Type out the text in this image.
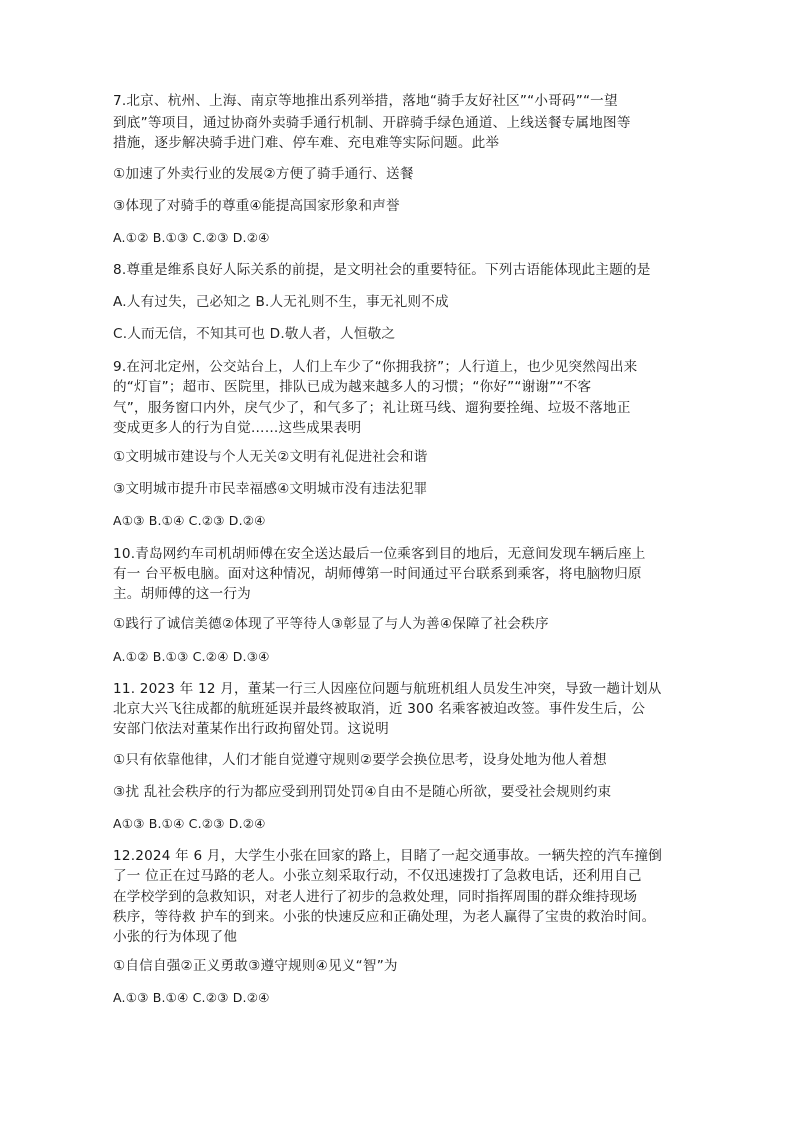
7.北京、杭州、上海、南京等地推出系列举措，落地“骑手友好社区”“小哥码”“一望
到底”等项目，通过协商外卖骑手通行机制、开辟骑手绿色通道、上线送餐专属地图等
措施，逐步解决骑手进门难、停车难、充电难等实际问题。此举
①加速了外卖行业的发展②方便了骑手通行、送餐
③体现了对骑手的尊重④能提高国家形象和声誉
A.①② B.①③ C.②③ D.②④
8.尊重是维系良好人际关系的前提，是文明社会的重要特征。下列古语能体现此主题的是
A.人有过失，己必知之 B.人无礼则不生，事无礼则不成
C.人而无信，不知其可也 D.敬人者，人恒敬之
9.在河北定州，公交站台上，人们上车少了“你拥我挤”；人行道上，也少见突然闯出来
的“灯盲”；超市、医院里，排队已成为越来越多人的习惯；“你好”“谢谢”“不客
气”，服务窗口内外，戾气少了，和气多了；礼让斑马线、遛狗要拴绳、垃圾不落地正
变成更多人的行为自觉……这些成果表明
①文明城市建设与个人无关②文明有礼促进社会和谐
③文明城市提升市民幸福感④文明城市没有违法犯罪
A①③ B.①④ C.②③ D.②④
10.青岛网约车司机胡师傅在安全送达最后一位乘客到目的地后，无意间发现车辆后座上
有一 台平板电脑。面对这种情况，胡师傅第一时间通过平台联系到乘客，将电脑物归原
主。胡师傅的这一行为
①践行了诚信美德②体现了平等待人③彰显了与人为善④保障了社会秩序
A.①② B.①③ C.②④ D.③④
11. 2023 年 12 月，董某一行三人因座位问题与航班机组人员发生冲突，导致一趟计划从
北京大兴飞往成都的航班延误并最终被取消，近 300 名乘客被迫改签。事件发生后，公
安部门依法对董某作出行政拘留处罚。这说明
①只有依靠他律，人们才能自觉遵守规则②要学会换位思考，设身处地为他人着想
③扰 乱社会秩序的行为都应受到刑罚处罚④自由不是随心所欲，要受社会规则约束
A①③ B.①④ C.②③ D.②④
12.2024 年 6 月，大学生小张在回家的路上，目睹了一起交通事故。一辆失控的汽车撞倒
了一 位正在过马路的老人。小张立刻采取行动，不仅迅速拨打了急救电话，还利用自己
在学校学到的急救知识，对老人进行了初步的急救处理，同时指挥周围的群众维持现场
秩序，等待救 护车的到来。小张的快速反应和正确处理，为老人赢得了宝贵的救治时间。
小张的行为体现了他
①自信自强②正义勇敢③遵守规则④见义“智”为
A.①③ B.①④ C.②③ D.②④
